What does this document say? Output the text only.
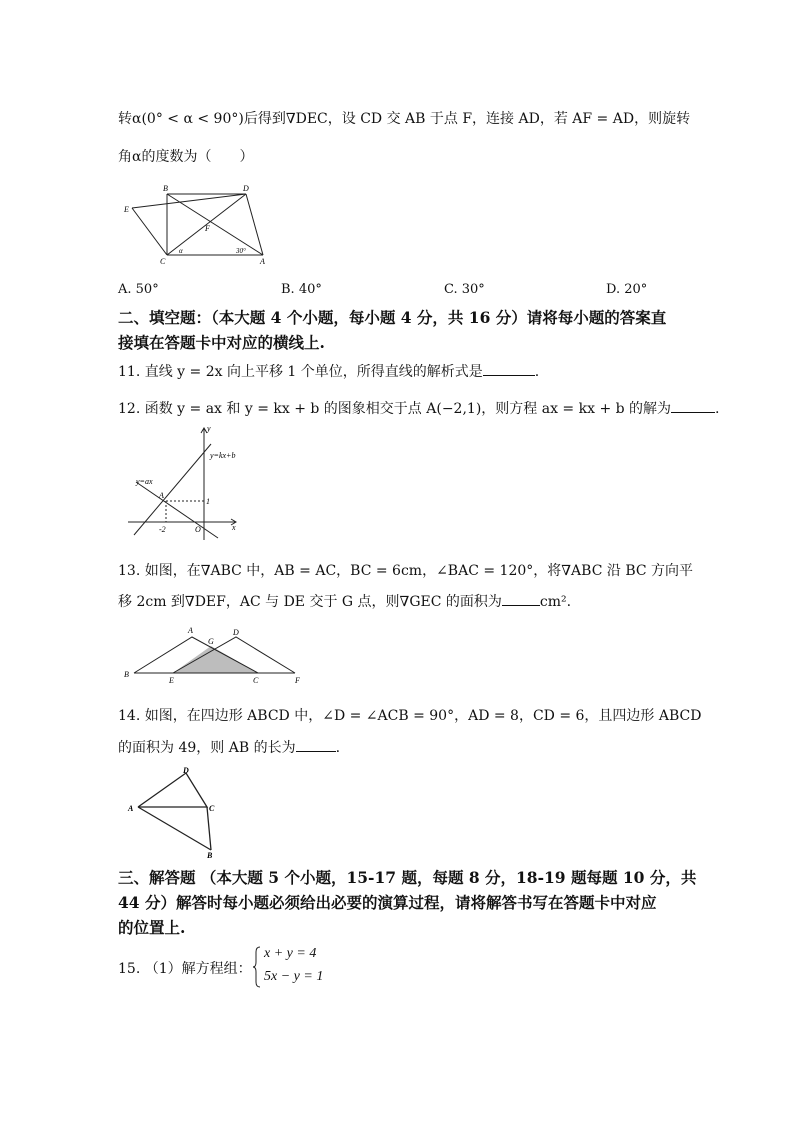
转α(0° < α < 90°)后得到∇DEC，设 CD 交 AB 于点 F，连接 AD，若 AF = AD，则旋转
角α的度数为（　　）
B	D
E
F
C	A
α	30°
A. 50°	B. 40°	C. 30°	D. 20°
二、填空题：（本大题 4 个小题，每小题 4 分，共 16 分）请将每小题的答案直
接填在答题卡中对应的横线上.
11. 直线 y = 2x 向上平移 1 个单位，所得直线的解析式是	.
12. 函数 y = ax 和 y = kx + b 的图象相交于点 A(−2,1)，则方程 ax = kx + b 的解为	.
y
x
y=kx+b
y=ax
A
1
-2	O
13. 如图，在∇ABC 中，AB = AC，BC = 6cm，∠BAC = 120°，将∇ABC 沿 BC 方向平
移 2cm 到∇DEF，AC 与 DE 交于 G 点，则∇GEC 的面积为	cm².
A
G
D
B
E	C	F
14. 如图，在四边形 ABCD 中，∠D = ∠ACB = 90°，AD = 8，CD = 6，且四边形 ABCD
的面积为 49，则 AB 的长为	.
D
A	C
B
三、解答题 （本大题 5 个小题，15-17 题，每题 8 分，18-19 题每题 10 分，共
44 分）解答时每小题必须给出必要的演算过程，请将解答书写在答题卡中对应
的位置上.
15. （1）解方程组：
x + y = 4
5x − y = 1
